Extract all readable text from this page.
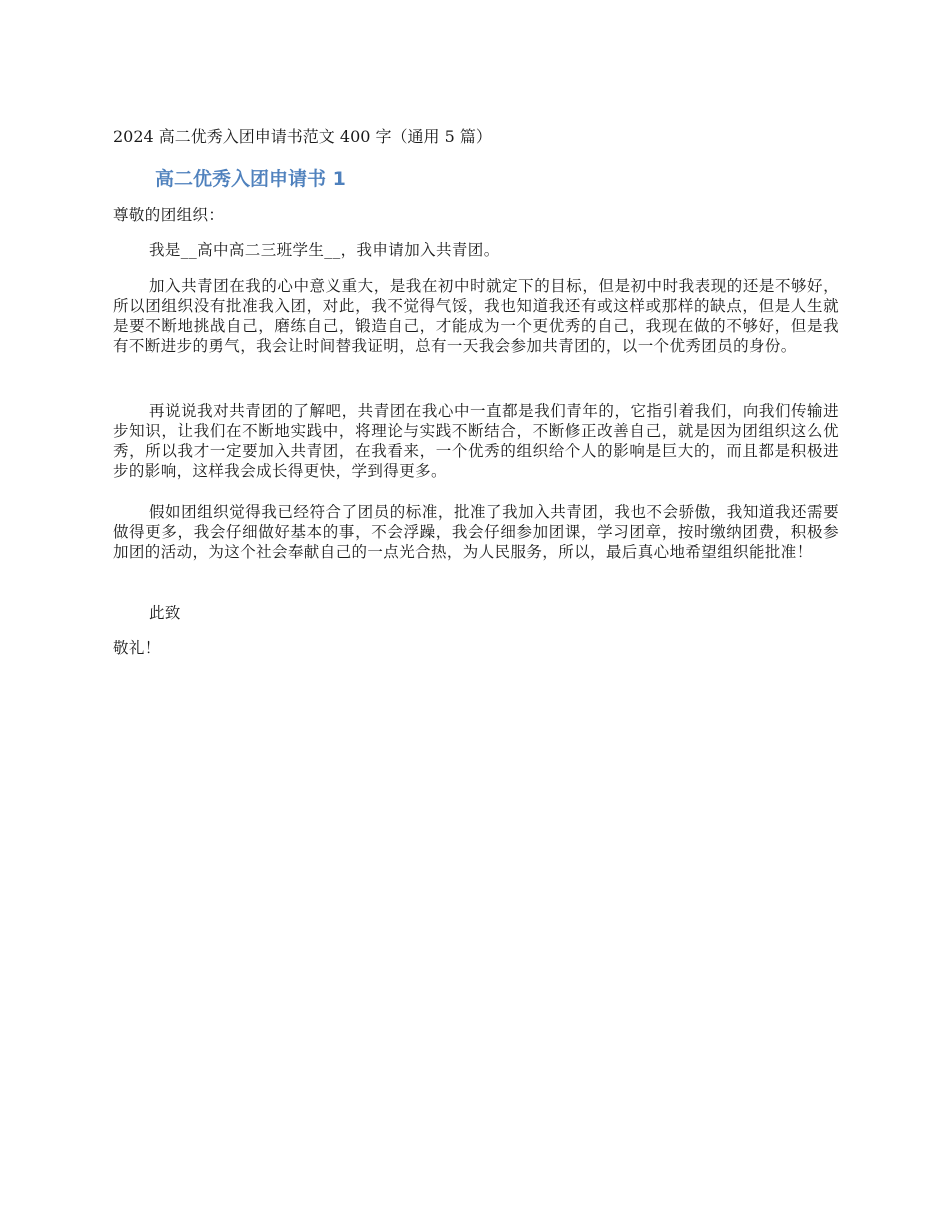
2024 高二优秀入团申请书范文 400 字（通用 5 篇）
高二优秀入团申请书 1
尊敬的团组织：
我是__高中高二三班学生__，我申请加入共青团。
加入共青团在我的心中意义重大，是我在初中时就定下的目标，但是初中时我表现的还是不够好，所以团组织没有批准我入团，对此，我不觉得气馁，我也知道我还有或这样或那样的缺点，但是人生就是要不断地挑战自己，磨练自己，锻造自己，才能成为一个更优秀的自己，我现在做的不够好，但是我有不断进步的勇气，我会让时间替我证明，总有一天我会参加共青团的，以一个优秀团员的身份。
再说说我对共青团的了解吧，共青团在我心中一直都是我们青年的，它指引着我们，向我们传输进步知识，让我们在不断地实践中，将理论与实践不断结合，不断修正改善自己，就是因为团组织这么优秀，所以我才一定要加入共青团，在我看来，一个优秀的组织给个人的影响是巨大的，而且都是积极进步的影响，这样我会成长得更快，学到得更多。
假如团组织觉得我已经符合了团员的标准，批准了我加入共青团，我也不会骄傲，我知道我还需要做得更多，我会仔细做好基本的事，不会浮躁，我会仔细参加团课，学习团章，按时缴纳团费，积极参加团的活动，为这个社会奉献自己的一点光合热，为人民服务，所以，最后真心地希望组织能批准！
此致
敬礼！
